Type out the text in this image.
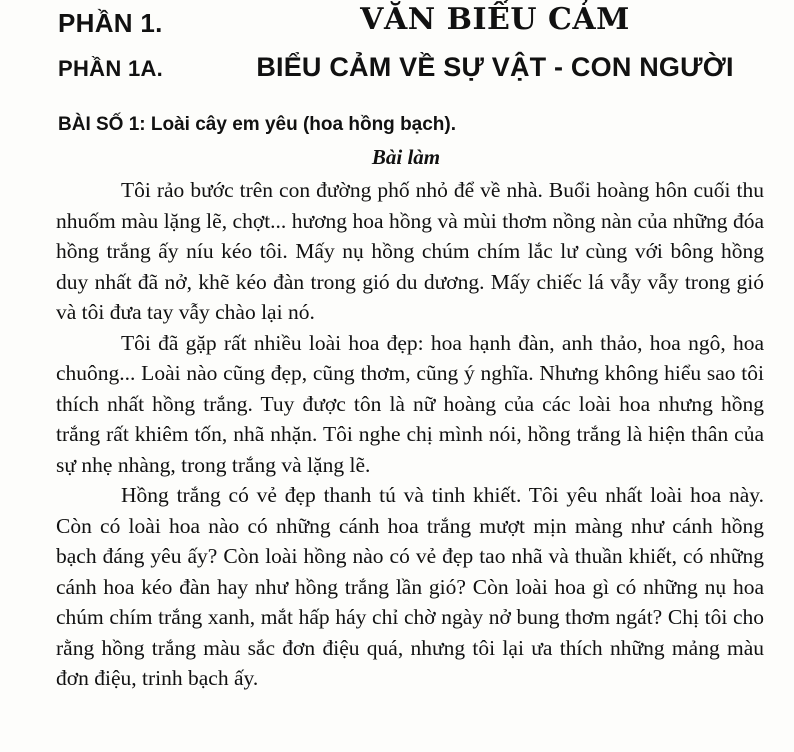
PHẦN 1.	VĂN BIỂU CẢM
PHẦN 1A.	BIỂU CẢM VỀ SỰ VẬT - CON NGƯỜI
BÀI SỐ 1: Loài cây em yêu (hoa hồng bạch).
Bài làm

Tôi rảo bước trên con đường phố nhỏ để về nhà. Buổi hoàng hôn cuối thu nhuốm màu lặng lẽ, chợt... hương hoa hồng và mùi thơm nồng nàn của những đóa hồng trắng ấy níu kéo tôi. Mấy nụ hồng chúm chím lắc lư cùng với bông hồng duy nhất đã nở, khẽ kéo đàn trong gió du dương. Mấy chiếc lá vẫy vẫy trong gió và tôi đưa tay vẫy chào lại nó.

Tôi đã gặp rất nhiều loài hoa đẹp: hoa hạnh đàn, anh thảo, hoa ngô, hoa chuông... Loài nào cũng đẹp, cũng thơm, cũng ý nghĩa. Nhưng không hiểu sao tôi thích nhất hồng trắng. Tuy được tôn là nữ hoàng của các loài hoa nhưng hồng trắng rất khiêm tốn, nhã nhặn. Tôi nghe chị mình nói, hồng trắng là hiện thân của sự nhẹ nhàng, trong trắng và lặng lẽ.

Hồng trắng có vẻ đẹp thanh tú và tinh khiết. Tôi yêu nhất loài hoa này. Còn có loài hoa nào có những cánh hoa trắng mượt mịn màng như cánh hồng bạch đáng yêu ấy? Còn loài hồng nào có vẻ đẹp tao nhã và thuần khiết, có những cánh hoa kéo đàn hay như hồng trắng lần gió? Còn loài hoa gì có những nụ hoa chúm chím trắng xanh, mắt hấp háy chỉ chờ ngày nở bung thơm ngát? Chị tôi cho rằng hồng trắng màu sắc đơn điệu quá, nhưng tôi lại ưa thích những mảng màu đơn điệu, trinh bạch ấy.
